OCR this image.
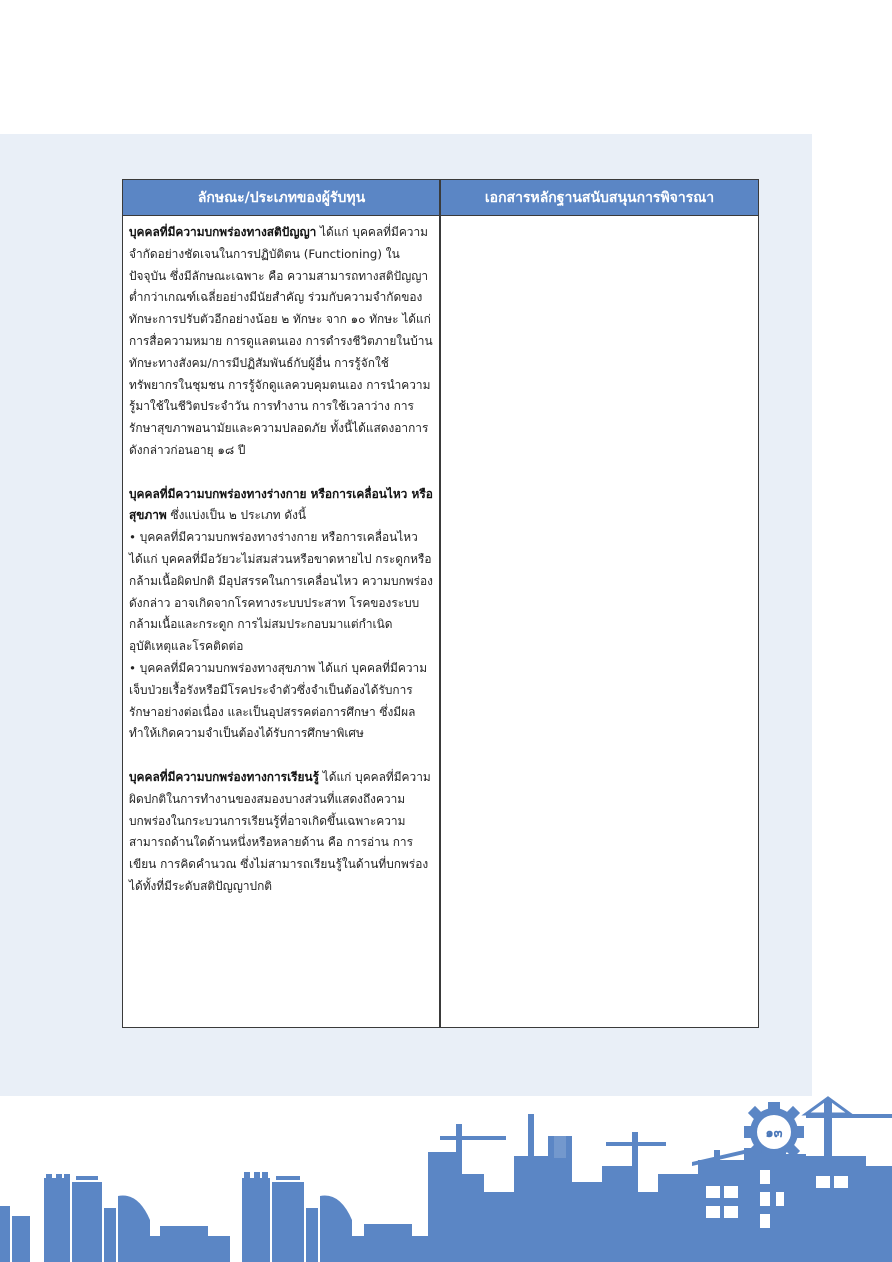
ลักษณะ/ประเภทของผู้รับทุน	เอกสารหลักฐานสนับสนุนการพิจารณา

บุคคลที่มีความบกพร่องทางสติปัญญา ได้แก่ บุคคลที่มีความจำกัดอย่างชัดเจนในการปฏิบัติตน (Functioning) ในปัจจุบัน ซึ่งมีลักษณะเฉพาะ คือ ความสามารถทางสติปัญญาต่ำกว่าเกณฑ์เฉลี่ยอย่างมีนัยสำคัญ ร่วมกับความจำกัดของทักษะการปรับตัวอีกอย่างน้อย ๒ ทักษะ จาก ๑๐ ทักษะ ได้แก่ การสื่อความหมาย การดูแลตนเอง การดำรงชีวิตภายในบ้าน ทักษะทางสังคม/การมีปฏิสัมพันธ์กับผู้อื่น การรู้จักใช้ทรัพยากรในชุมชน การรู้จักดูแลควบคุมตนเอง การนำความรู้มาใช้ในชีวิตประจำวัน การทำงาน การใช้เวลาว่าง การรักษาสุขภาพอนามัยและความปลอดภัย ทั้งนี้ได้แสดงอาการดังกล่าวก่อนอายุ ๑๘ ปี

บุคคลที่มีความบกพร่องทางร่างกาย หรือการเคลื่อนไหว หรือสุขภาพ ซึ่งแบ่งเป็น ๒ ประเภท ดังนี้

• บุคคลที่มีความบกพร่องทางร่างกาย หรือการเคลื่อนไหว ได้แก่ บุคคลที่มีอวัยวะไม่สมส่วนหรือขาดหายไป กระดูกหรือกล้ามเนื้อผิดปกติ มีอุปสรรคในการเคลื่อนไหว ความบกพร่องดังกล่าว อาจเกิดจากโรคทางระบบประสาท โรคของระบบกล้ามเนื้อและกระดูก การไม่สมประกอบมาแต่กำเนิด อุบัติเหตุและโรคติดต่อ

• บุคคลที่มีความบกพร่องทางสุขภาพ ได้แก่ บุคคลที่มีความเจ็บป่วยเรื้อรังหรือมีโรคประจำตัวซึ่งจำเป็นต้องได้รับการรักษาอย่างต่อเนื่อง และเป็นอุปสรรคต่อการศึกษา ซึ่งมีผลทำให้เกิดความจำเป็นต้องได้รับการศึกษาพิเศษ

บุคคลที่มีความบกพร่องทางการเรียนรู้ ได้แก่ บุคคลที่มีความผิดปกติในการทำงานของสมองบางส่วนที่แสดงถึงความบกพร่องในกระบวนการเรียนรู้ที่อาจเกิดขึ้นเฉพาะความสามารถด้านใดด้านหนึ่งหรือหลายด้าน คือ การอ่าน การเขียน การคิดคำนวณ ซึ่งไม่สามารถเรียนรู้ในด้านที่บกพร่องได้ทั้งที่มีระดับสติปัญญาปกติ

๑๓
